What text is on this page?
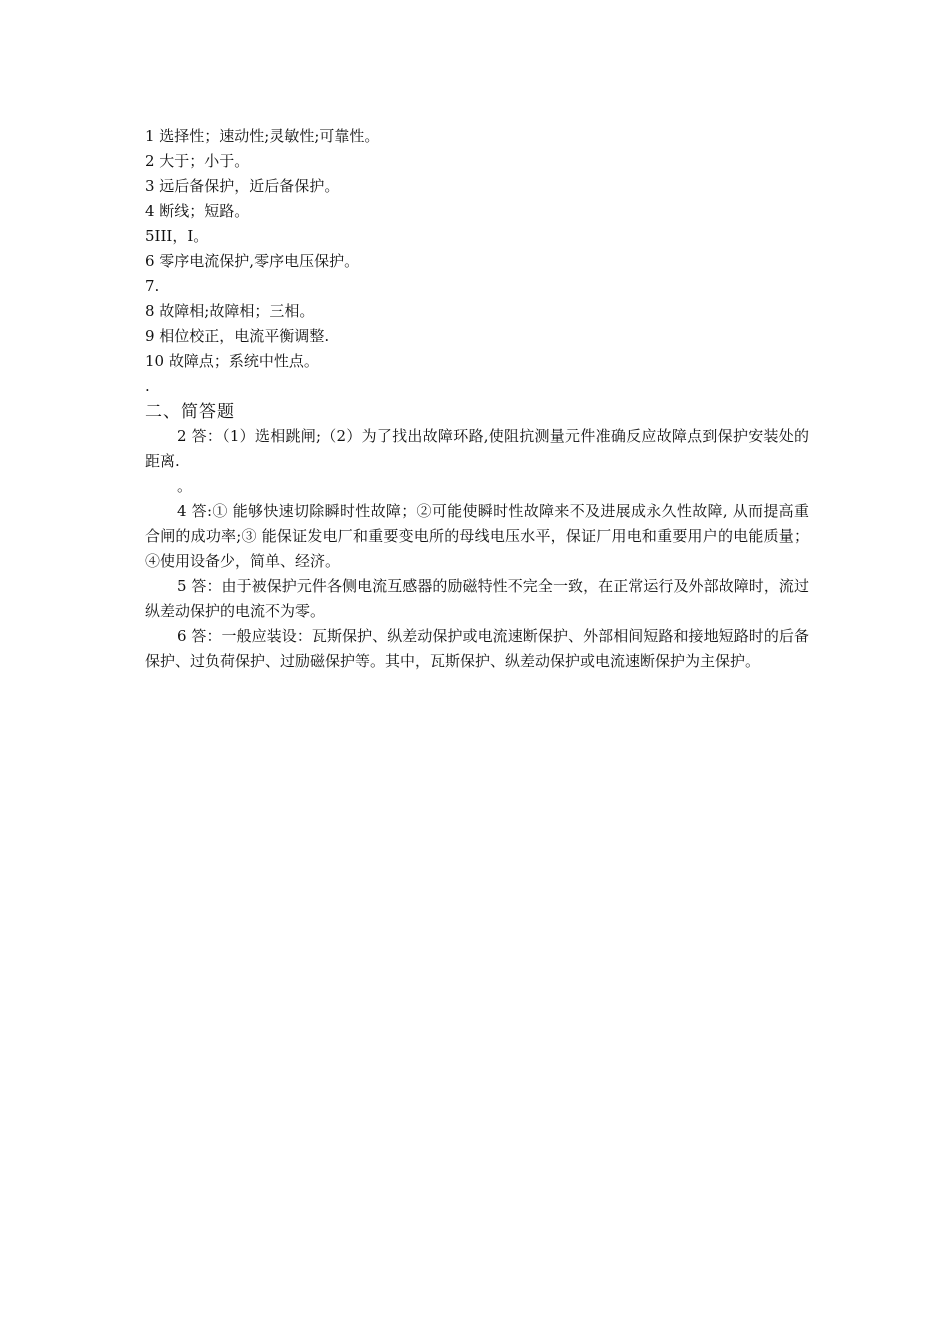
1 选择性；速动性;灵敏性;可靠性。
2 大于；小于。
3 远后备保护，近后备保护。
4 断线；短路。
5III，I。
6 零序电流保护,零序电压保护。
7.
8 故障相;故障相；三相。
9 相位校正，电流平衡调整.
10 故障点；系统中性点。
.
二、简答题

2 答：（1）选相跳闸;（2）为了找出故障环路,使阻抗测量元件准确反应故障点到保护安装处的距离.

。

4 答:① 能够快速切除瞬时性故障；②可能使瞬时性故障来不及进展成永久性故障, 从而提高重合闸的成功率;③ 能保证发电厂和重要变电所的母线电压水平，保证厂用电和重要用户的电能质量；④使用设备少，简单、经济。

5 答：由于被保护元件各侧电流互感器的励磁特性不完全一致，在正常运行及外部故障时，流过纵差动保护的电流不为零。

6 答：一般应装设：瓦斯保护、纵差动保护或电流速断保护、外部相间短路和接地短路时的后备保护、过负荷保护、过励磁保护等。其中，瓦斯保护、纵差动保护或电流速断保护为主保护。
